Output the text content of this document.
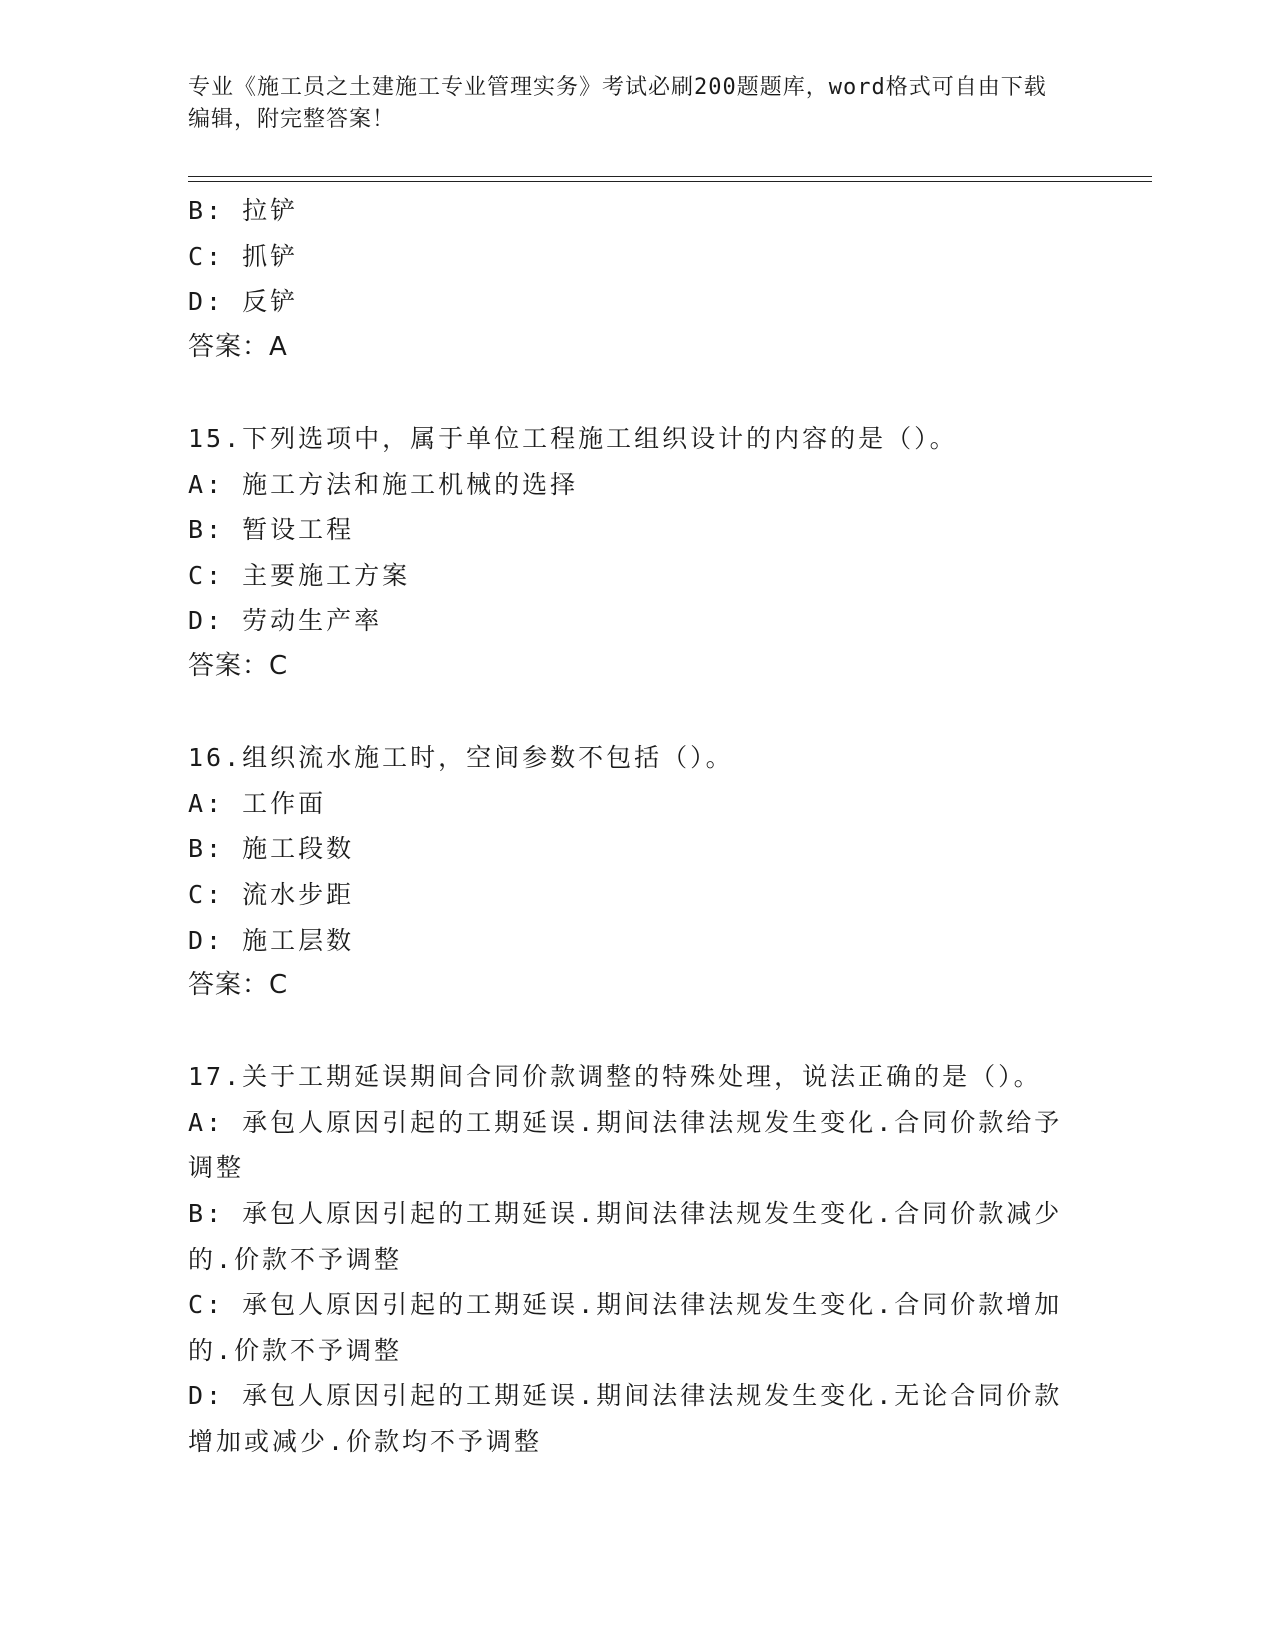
专业《施工员之土建施工专业管理实务》考试必刷200题题库，word格式可自由下载编辑，附完整答案！
B: 拉铲
C: 抓铲
D: 反铲
答案：A
15.下列选项中，属于单位工程施工组织设计的内容的是（）。
A: 施工方法和施工机械的选择
B: 暂设工程
C: 主要施工方案
D: 劳动生产率
答案：C
16.组织流水施工时，空间参数不包括（）。
A: 工作面
B: 施工段数
C: 流水步距
D: 施工层数
答案：C
17.关于工期延误期间合同价款调整的特殊处理，说法正确的是（）。
A: 承包人原因引起的工期延误.期间法律法规发生变化.合同价款给予调整
B: 承包人原因引起的工期延误.期间法律法规发生变化.合同价款减少的.价款不予调整
C: 承包人原因引起的工期延误.期间法律法规发生变化.合同价款增加的.价款不予调整
D: 承包人原因引起的工期延误.期间法律法规发生变化.无论合同价款增加或减少.价款均不予调整
